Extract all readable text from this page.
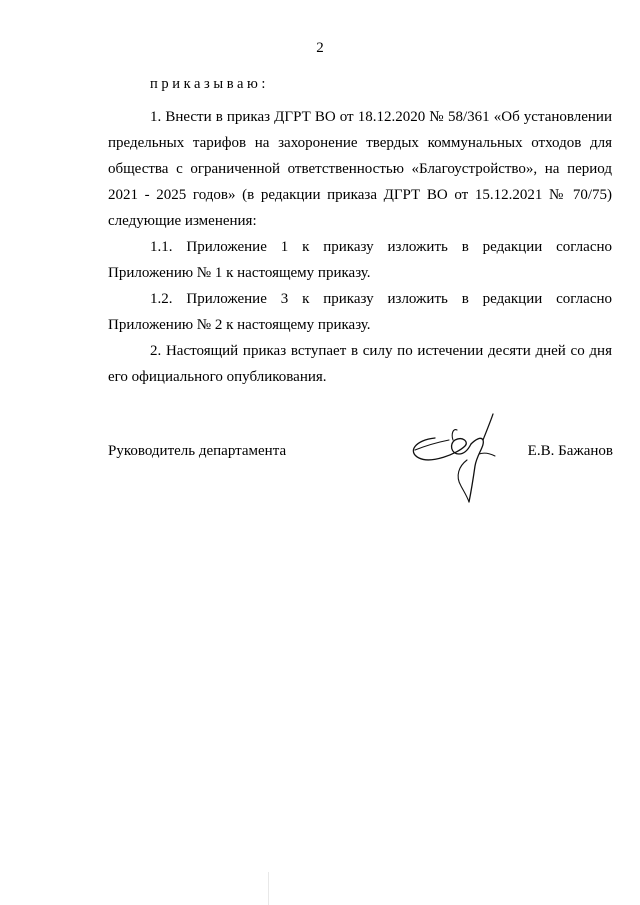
2
приказываю:
1. Внести в приказ ДГРТ ВО от 18.12.2020 № 58/361 «Об установлении предельных тарифов на захоронение твердых коммунальных отходов для общества с ограниченной ответственностью «Благоустройство», на период 2021 - 2025 годов» (в редакции приказа ДГРТ ВО от 15.12.2021 № 70/75) следующие изменения:
1.1. Приложение 1 к приказу изложить в редакции согласно Приложению № 1 к настоящему приказу.
1.2. Приложение 3 к приказу изложить в редакции согласно Приложению № 2 к настоящему приказу.
2. Настоящий приказ вступает в силу по истечении десяти дней со дня его официального опубликования.
Руководитель департамента	Е.В. Бажанов
